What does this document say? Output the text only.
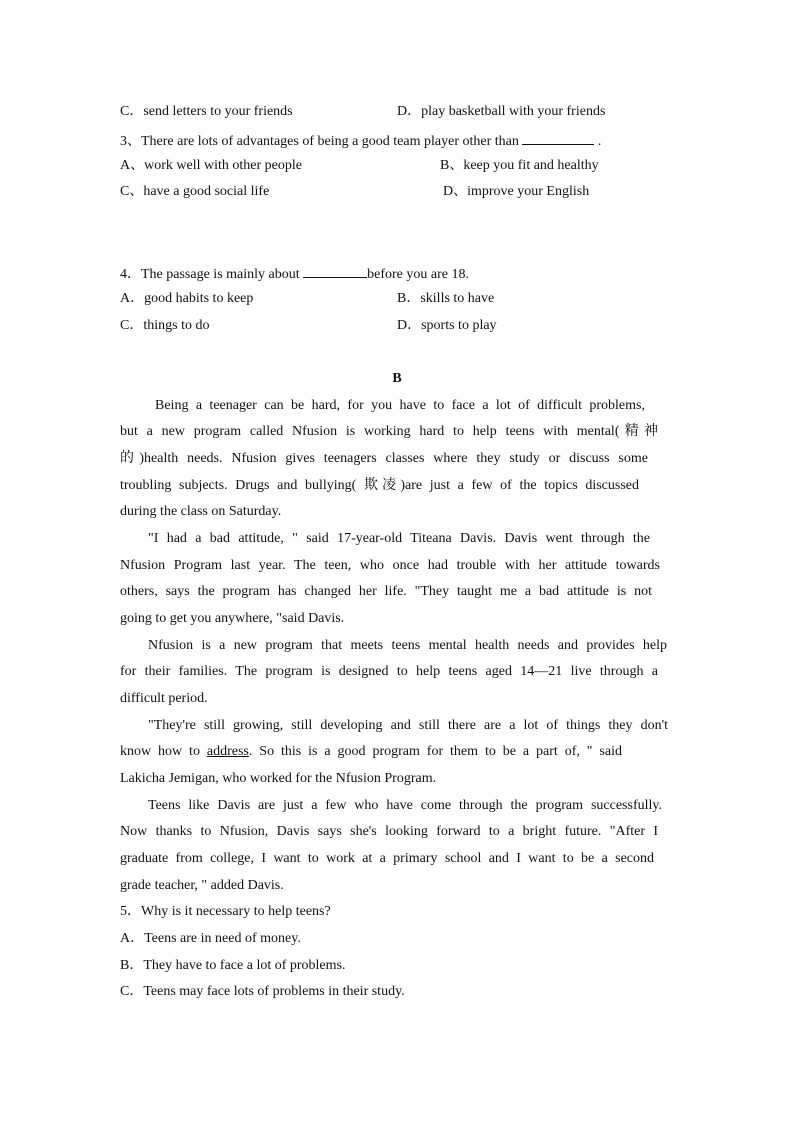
C．send letters to your friends	D．play basketball with your friends
3、There are lots of advantages of being a good team player other than	.
A、work well with other people	B、keep you fit and healthy
C、have a good social life	D、improve your English
4．The passage is mainly about	before you are 18.
A．good habits to keep	B．skills to have
C．things to do	D．sports to play
B
Being a teenager can be hard, for you have to face a lot of difficult problems,
but a new program called Nfusion is working hard to help teens with mental(精神
的)health needs. Nfusion gives teenagers classes where they study or discuss some
troubling subjects. Drugs and bullying( 欺凌)are just a few of the topics discussed
during the class on Saturday.
"I had a bad attitude, " said 17-year-old Titeana Davis. Davis went through the
Nfusion Program last year. The teen, who once had trouble with her attitude towards
others, says the program has changed her life. "They taught me a bad attitude is not
going to get you anywhere, "said Davis.
Nfusion is a new program that meets teens mental health needs and provides help
for their families. The program is designed to help teens aged 14—21 live through a
difficult period.
"They're still growing, still developing and still there are a lot of things they don't
know how to address. So this is a good program for them to be a part of, " said
Lakicha Jemigan, who worked for the Nfusion Program.
Teens like Davis are just a few who have come through the program successfully.
Now thanks to Nfusion, Davis says she's looking forward to a bright future. "After I
graduate from college, I want to work at a primary school and I want to be a second
grade teacher, " added Davis.
5．Why is it necessary to help teens?
A．Teens are in need of money.
B．They have to face a lot of problems.
C．Teens may face lots of problems in their study.
